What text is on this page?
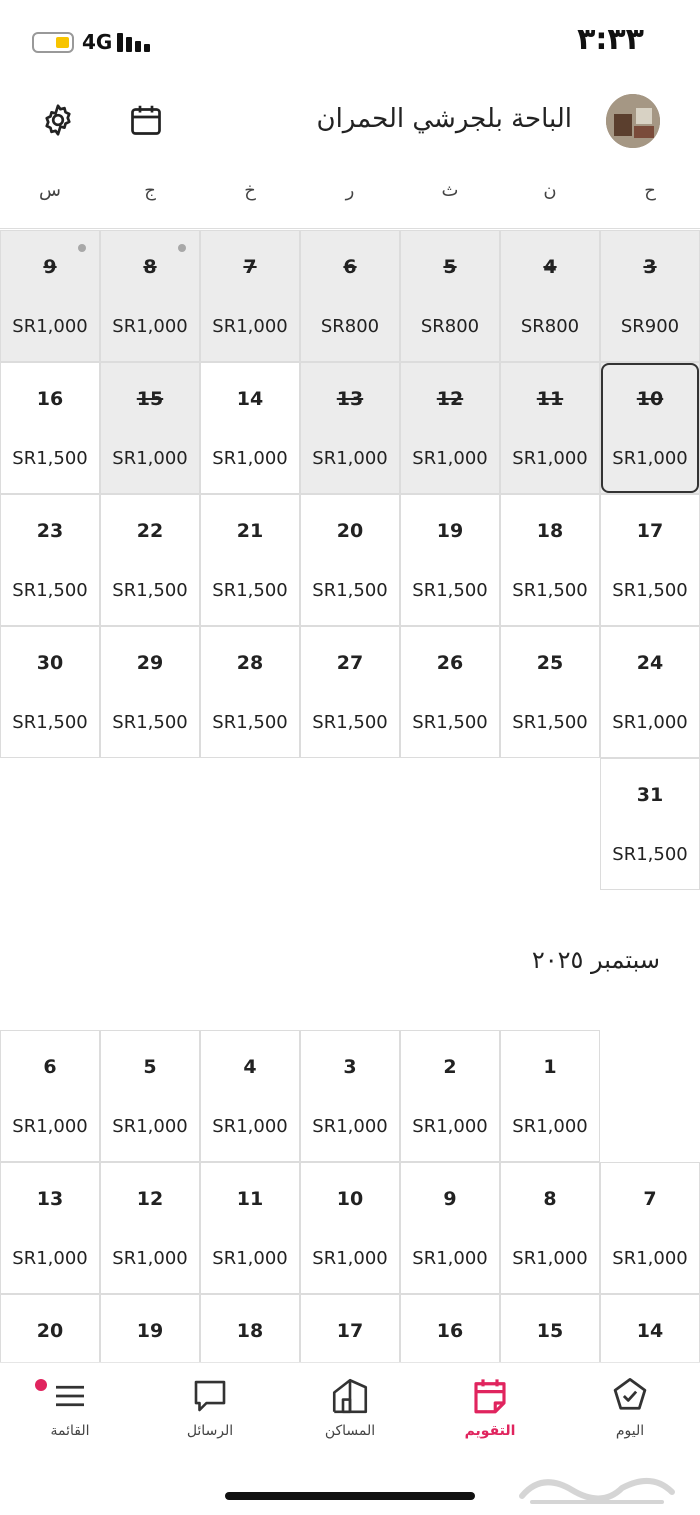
4G	٣:٣٣
الباحة بلجرشي الحمران
ح
ن
ث
ر
خ
ج
س
3
SR900
4
SR800
5
SR800
6
SR800
7
SR1,000
8
SR1,000
9
SR1,000
10
SR1,000
11
SR1,000
12
SR1,000
13
SR1,000
14
SR1,000
15
SR1,000
16
SR1,500
17
SR1,500
18
SR1,500
19
SR1,500
20
SR1,500
21
SR1,500
22
SR1,500
23
SR1,500
24
SR1,000
25
SR1,500
26
SR1,500
27
SR1,500
28
SR1,500
29
SR1,500
30
SR1,500
31
SR1,500
سبتمبر ٢٠٢٥
1
SR1,000
2
SR1,000
3
SR1,000
4
SR1,000
5
SR1,000
6
SR1,000
7
SR1,000
8
SR1,000
9
SR1,000
10
SR1,000
11
SR1,000
12
SR1,000
13
SR1,000
14
15
16
17
18
19
20
اليوم
التقويم
المساكن
الرسائل
القائمة
